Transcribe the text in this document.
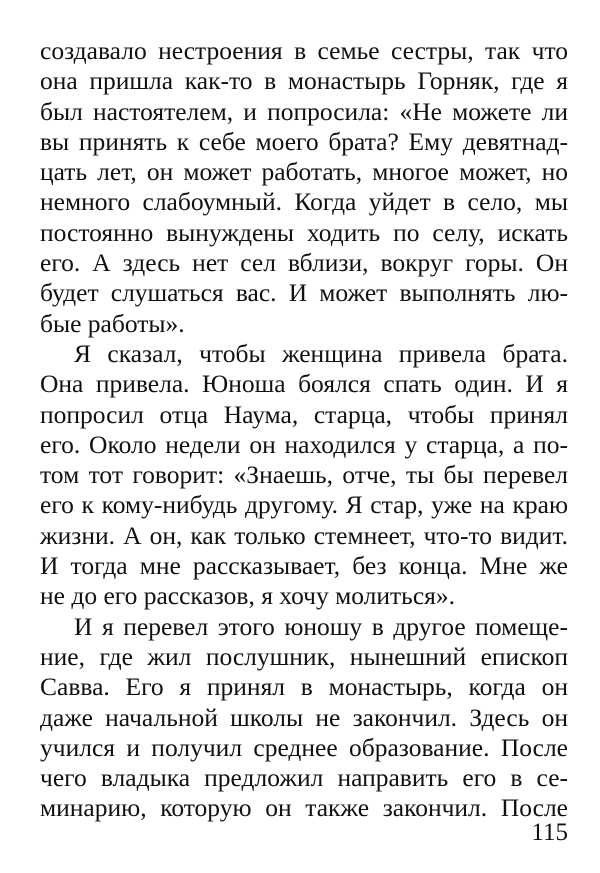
создавало нестроения в семье сестры, так что
она пришла как-то в монастырь Горняк, где я
был настоятелем, и попросила: «Не можете ли
вы принять к себе моего брата? Ему девятнад-
цать лет, он может работать, многое может, но
немного слабоумный. Когда уйдет в село, мы
постоянно вынуждены ходить по селу, искать
его. А здесь нет сел вблизи, вокруг горы. Он
будет слушаться вас. И может выполнять лю-
бые работы».
Я сказал, чтобы женщина привела брата.
Она привела. Юноша боялся спать один. И я
попросил отца Наума, старца, чтобы принял
его. Около недели он находился у старца, а по-
том тот говорит: «Знаешь, отче, ты бы перевел
его к кому-нибудь другому. Я стар, уже на краю
жизни. А он, как только стемнеет, что-то видит.
И тогда мне рассказывает, без конца. Мне же
не до его рассказов, я хочу молиться».
И я перевел этого юношу в другое помеще-
ние, где жил послушник, нынешний епископ
Савва. Его я принял в монастырь, когда он
даже начальной школы не закончил. Здесь он
учился и получил среднее образование. После
чего владыка предложил направить его в се-
минарию, которую он также закончил. После
115
